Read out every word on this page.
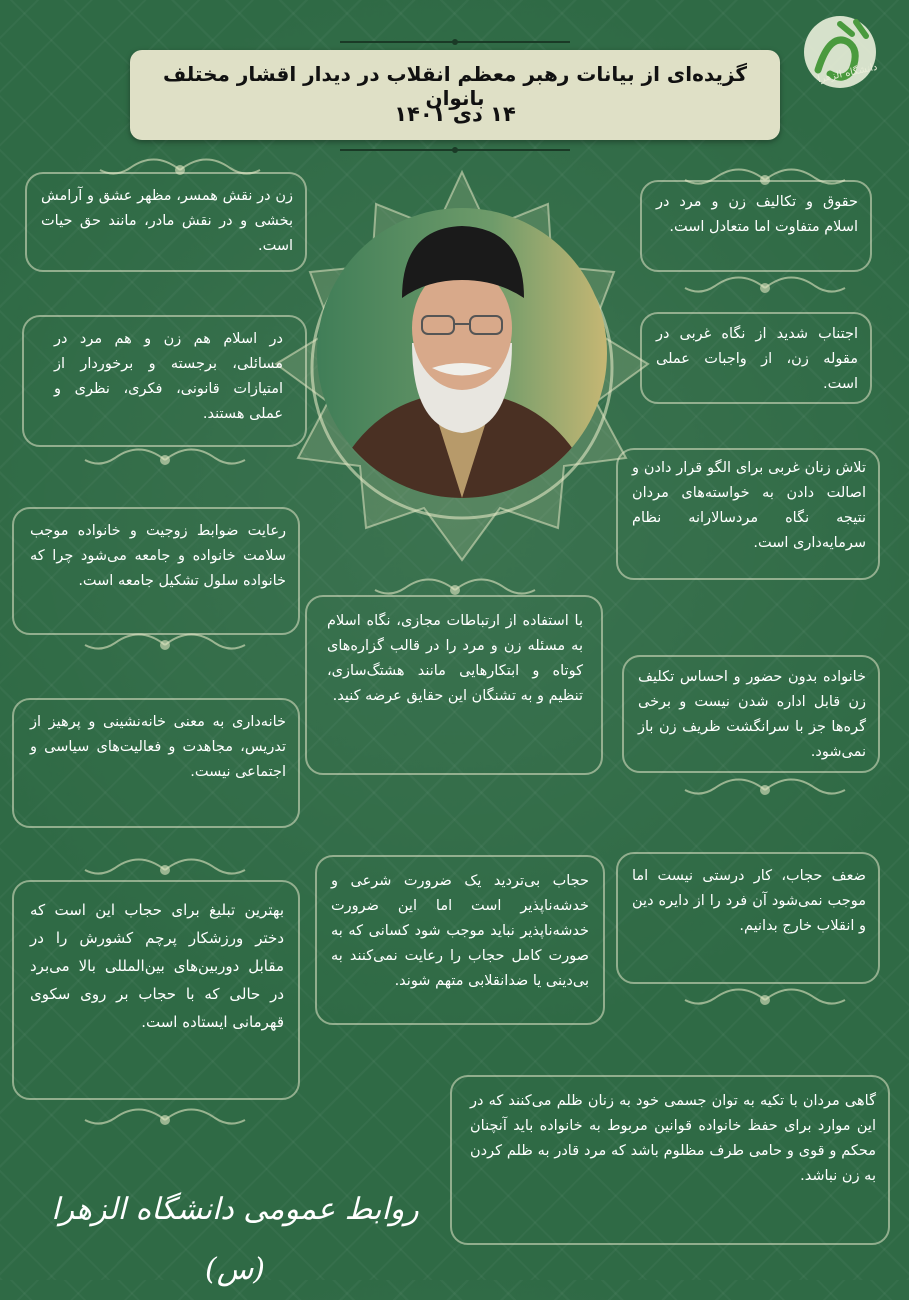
گزیده‌ای از بیانات رهبر معظم انقلاب در دیدار اقشار مختلف بانوان
۱۴ دی ۱۴۰۱
دانشگاه الزهرا
حقوق و تکالیف زن و مرد در اسلام متفاوت اما متعادل است.
اجتناب شدید از نگاه غربی در مقوله زن، از واجبات عملی است.
تلاش زنان غربی برای الگو قرار دادن و اصالت دادن به خواسته‌های مردان نتیجه نگاه مردسالارانه نظام سرمایه‌داری است.
خانواده بدون حضور و احساس تکلیف زن قابل اداره شدن نیست و برخی گره‌ها جز با سرانگشت ظریف زن باز نمی‌شود.
ضعف حجاب، کار درستی نیست اما موجب نمی‌شود آن فرد را از دایره دین و انقلاب خارج بدانیم.
زن در نقش همسر، مظهر عشق و آرامش بخشی و در نقش مادر، مانند حق حیات است.
در اسلام هم زن و هم مرد در مسائلی، برجسته و برخوردار از امتیازات قانونی، فکری، نظری و عملی هستند.
رعایت ضوابط زوجیت و خانواده موجب سلامت خانواده و جامعه می‌شود چرا که خانواده سلول تشکیل جامعه است.
خانه‌داری به معنی خانه‌نشینی و پرهیز از تدریس، مجاهدت و فعالیت‌های سیاسی و اجتماعی نیست.
بهترین تبلیغ برای حجاب این است که دختر ورزشکار پرچم کشورش را در مقابل دوربین‌های بین‌المللی بالا می‌برد در حالی که با حجاب بر روی سکوی قهرمانی ایستاده است.
با استفاده از ارتباطات مجازی، نگاه اسلام به مسئله زن و مرد را در قالب گزاره‌های کوتاه و ابتکارهایی مانند هشتگ‌سازی، تنظیم و به تشنگان این حقایق عرضه کنید.
حجاب بی‌تردید یک ضرورت شرعی و خدشه‌ناپذیر است اما این ضرورت خدشه‌ناپذیر نباید موجب شود کسانی که به صورت کامل حجاب را رعایت نمی‌کنند به بی‌دینی یا ضدانقلابی متهم شوند.
گاهی مردان با تکیه به توان جسمی خود به زنان ظلم می‌کنند که در این موارد برای حفظ خانواده قوانین مربوط به خانواده باید آنچنان محکم و قوی و حامی طرف مظلوم باشد که مرد قادر به ظلم کردن به زن نباشد.
روابط عمومی دانشگاه الزهرا (س)
